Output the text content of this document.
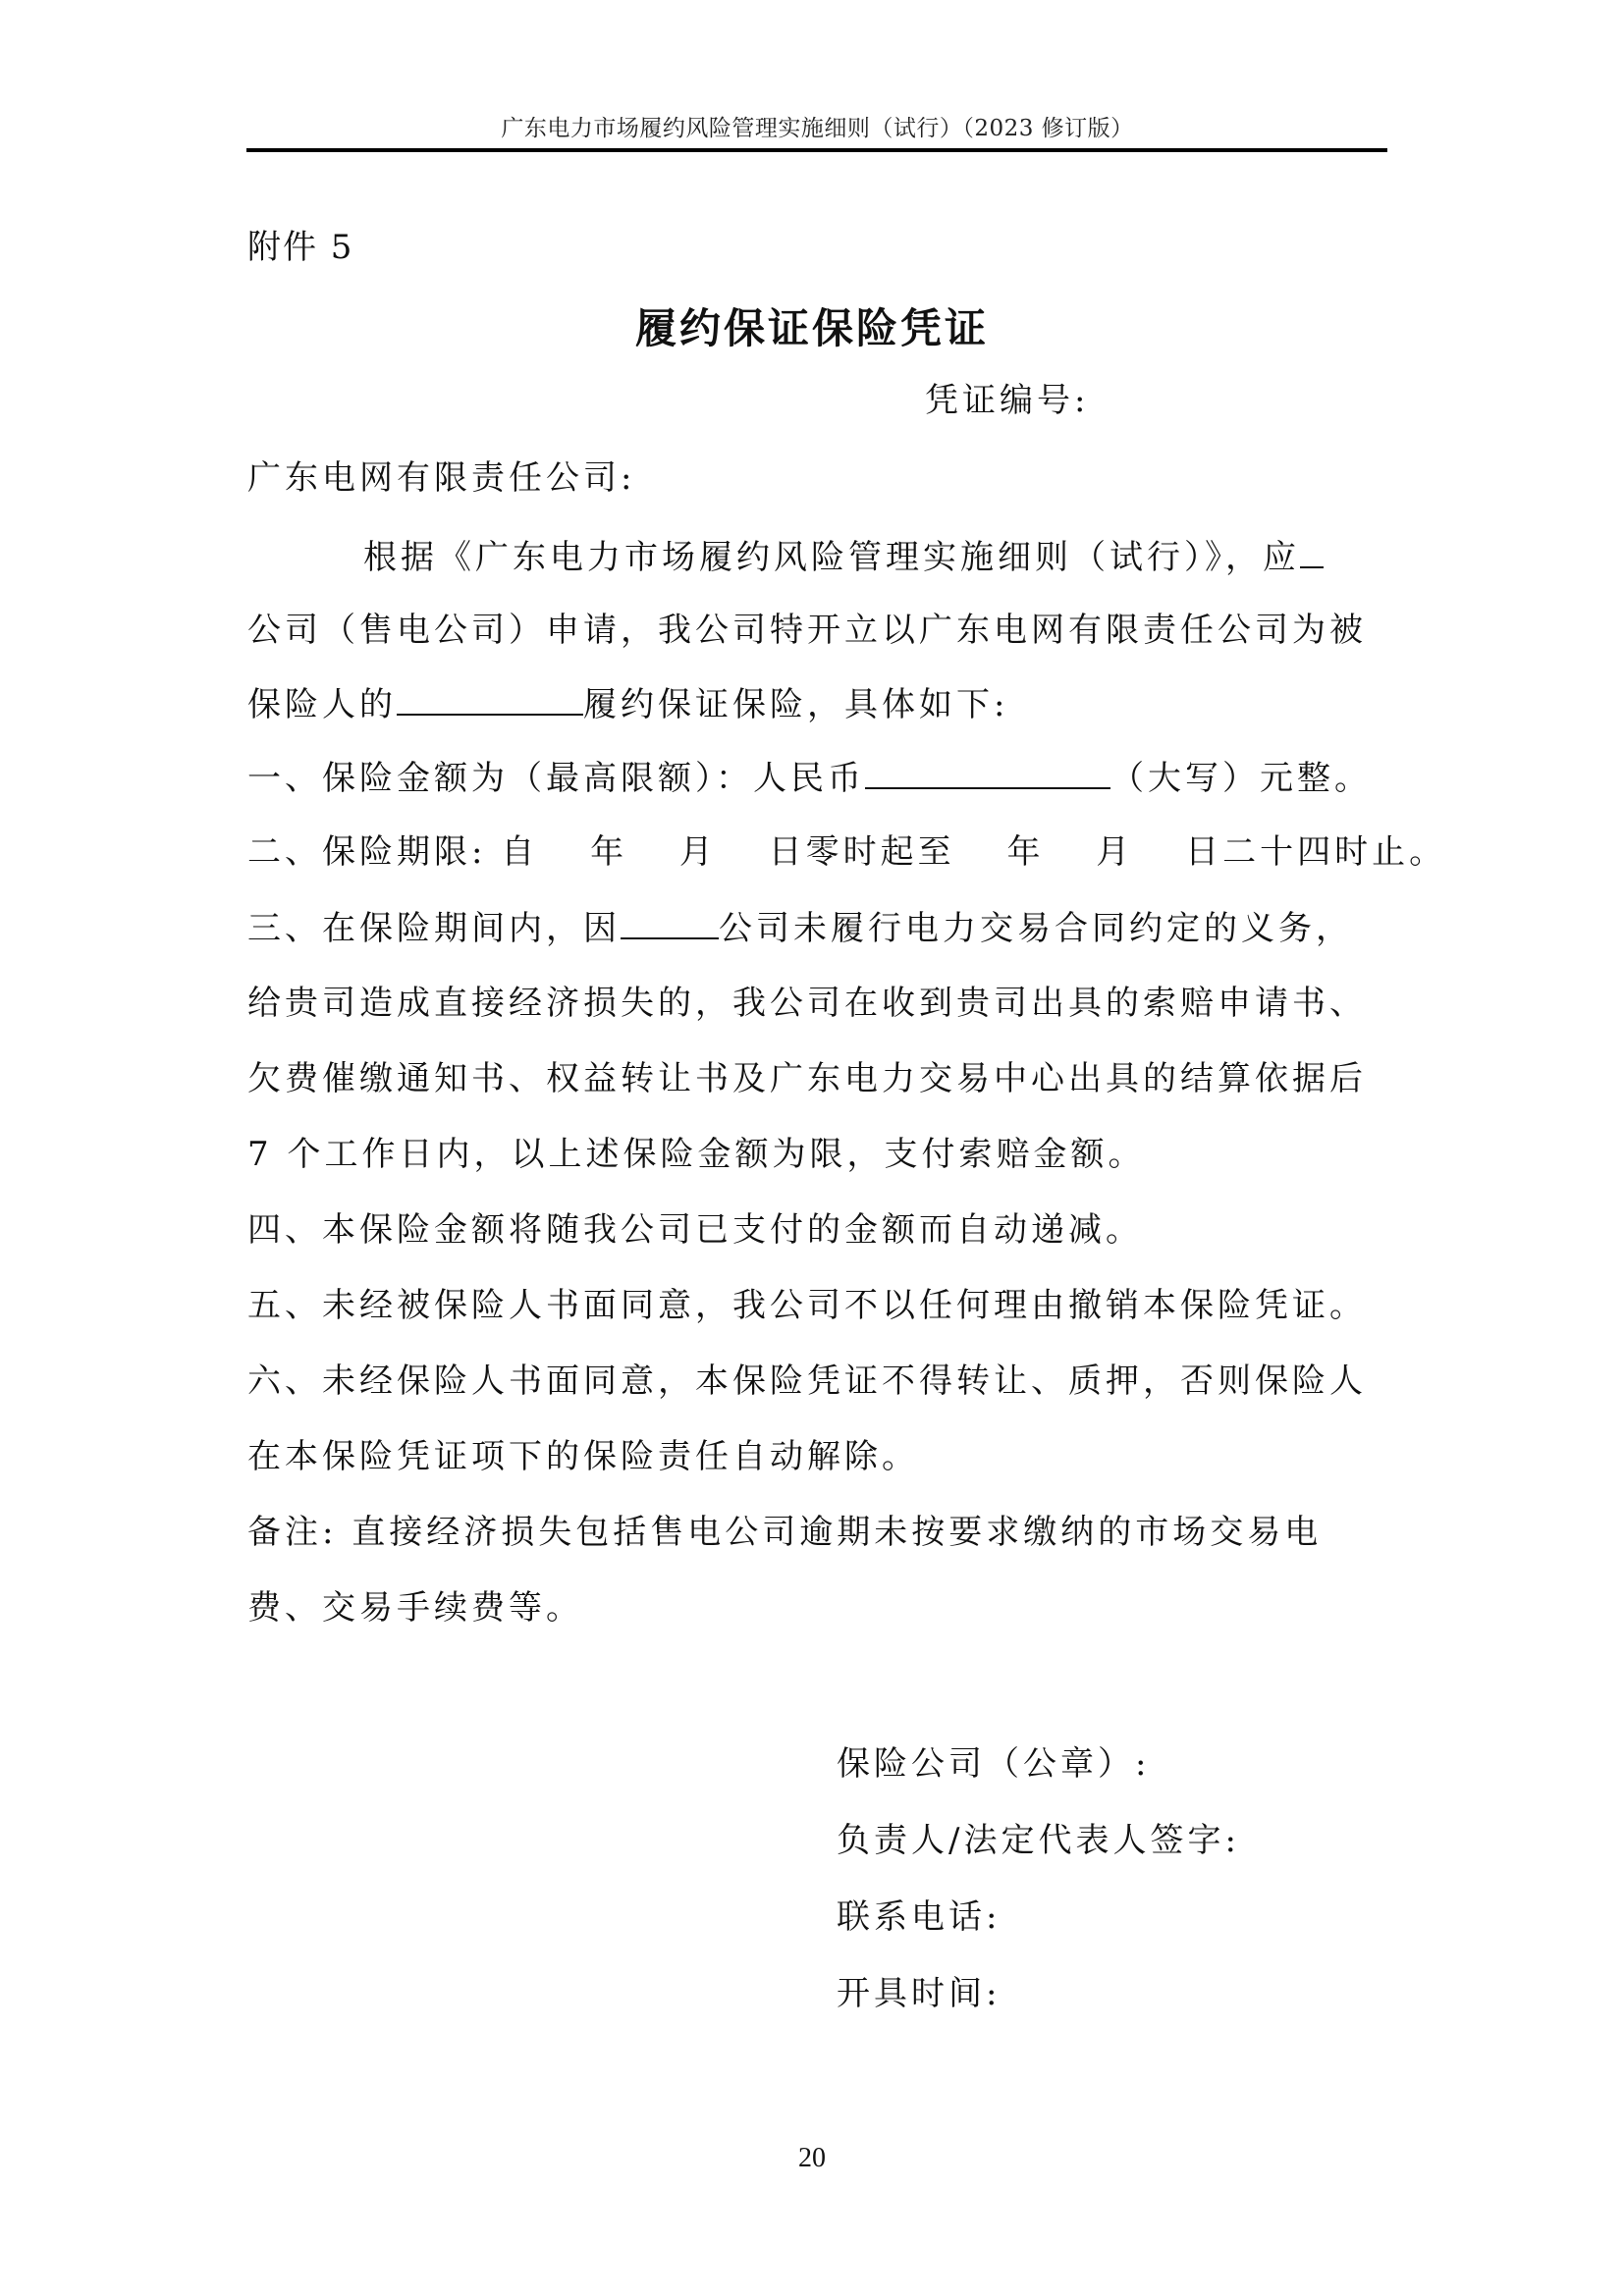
广东电力市场履约风险管理实施细则（试行）（2023 修订版）
附件 5
履约保证保险凭证
凭证编号:
广东电网有限责任公司:
根据《广东电力市场履约风险管理实施细则（试行）》，应
公司（售电公司）申请，我公司特开立以广东电网有限责任公司为被
保险人的	履约保证保险，具体如下:
一、保险金额为（最高限额）：人民币	（大写）元整。
二、保险期限: 自　 年　 月　 日零时起至　 年　 月　 日二十四时止。
三、在保险期间内，因	公司未履行电力交易合同约定的义务，
给贵司造成直接经济损失的，我公司在收到贵司出具的索赔申请书、
欠费催缴通知书、权益转让书及广东电力交易中心出具的结算依据后
7 个工作日内，以上述保险金额为限，支付索赔金额。
四、本保险金额将随我公司已支付的金额而自动递减。
五、未经被保险人书面同意，我公司不以任何理由撤销本保险凭证。
六、未经保险人书面同意，本保险凭证不得转让、质押，否则保险人
在本保险凭证项下的保险责任自动解除。
备注: 直接经济损失包括售电公司逾期未按要求缴纳的市场交易电
费、交易手续费等。
保险公司（公章）:
负责人/法定代表人签字:
联系电话:
开具时间:
20
